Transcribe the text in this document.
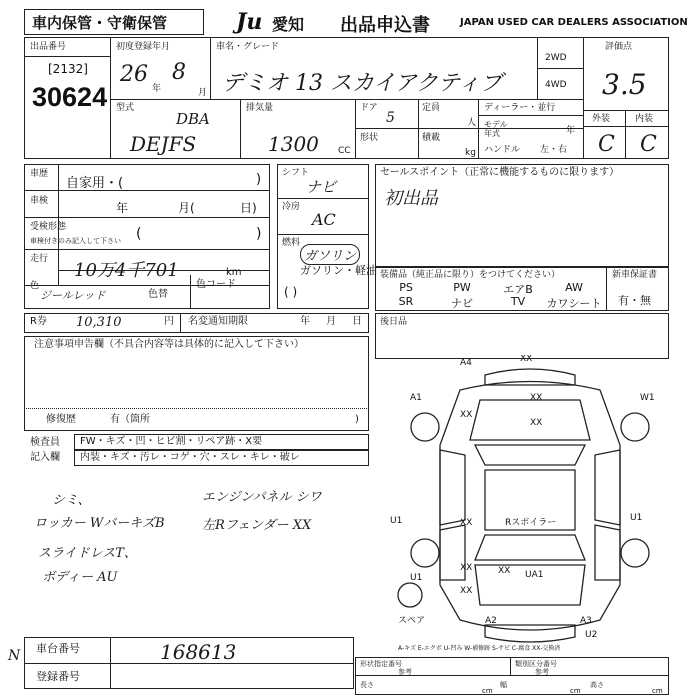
車内保管・守衛保管	Ju 愛知 出品申込書	JAPAN USED CAR DEALERS ASSOCIATION
出品番号
[2132]
30624
初度登録年月
26
年
8
月
車名・グレード
デミオ 13 スカイアクティブ
2WD
4WD
評価点
3.5
型式
DBA
DEJFS
排気量
1300 CC
ドア
5
形状
定員
人
積載
kg
ディーラー・並行
モデル 年式	年
ハンドル 左・右
外装	内装
C C
車歴
自家用・(	)
車検	年	月(	日)
受検形態
車検付きのみ記入して下さい (	)
走行
10万4千701	km
色
ジールレッド	色替
色コード
シフト
ナビ
冷房
AC
燃料
ガソリン
ガソリン・軽油
( )
セールスポイント（正常に機能するものに限ります）
初出品
装備品（純正品に限り）をつけてください）	新車保証書
有・無
PS	PW	エアB	AW
SR	ナビ	TV	カワシート
R券 10,310	円 名変通知期限	年 月 日 後日品
注意事項申告欄（不具合内容等は具体的に記入して下さい）
修復歴	有（箇所	)
検査員
記入欄
FW・キズ・凹・ヒビ割・リペア跡・X要
内装・キズ・汚レ・コゲ・穴・スレ・キレ・破レ
シミ、
ロッカー WバーキズB
スライドレスT、
ボディー AU
エンジンパネル シワ
左Rフェンダー XX
A4	XX
A1
XX
W1
XX
XX
U1	XX	Rスポイラー	U1
U1
XX
XX
XX UA1
A2	A3
U2
スペア
車台番号	168613
登録番号
N	A-キズ E-エクボ U-凹み W-補修跡 S-サビ C-腐食 XX-交換済
形状指定番号
参考
類別区分番号
参考
長さ
cm
幅
cm
高さ
cm
